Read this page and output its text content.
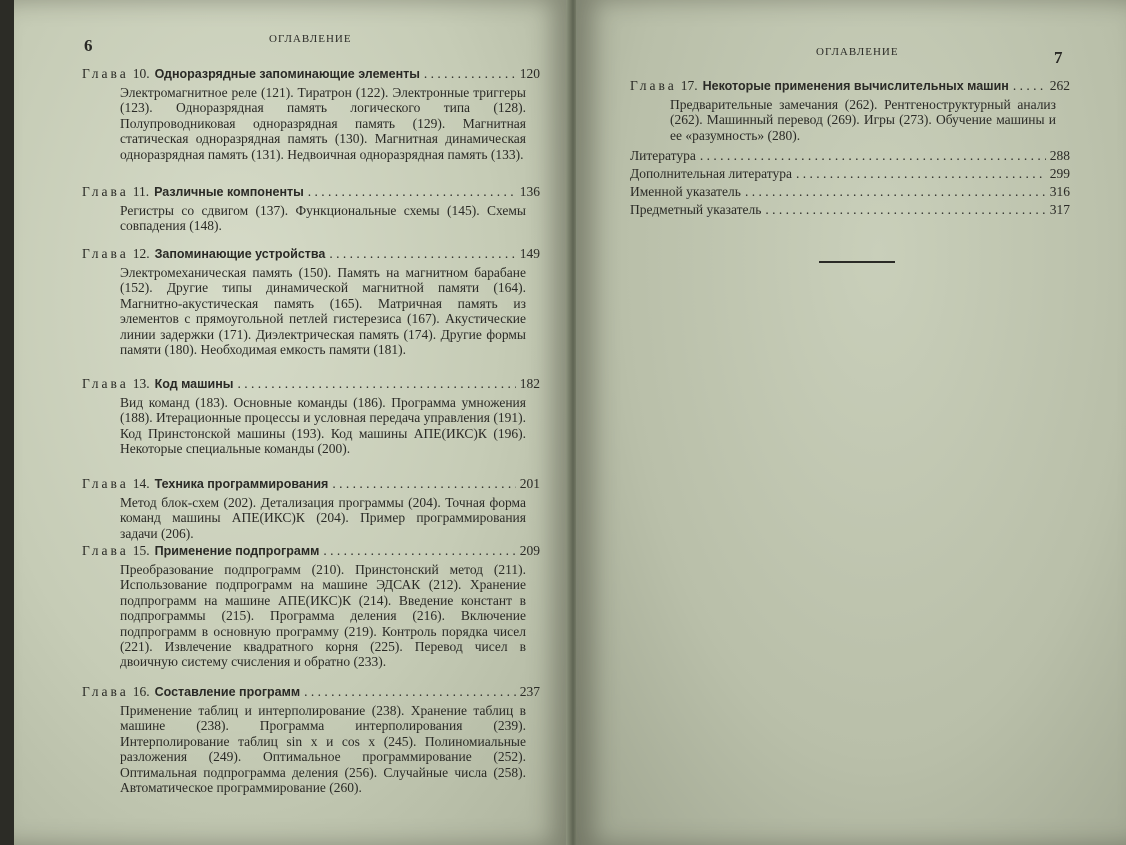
6	ОГЛАВЛЕНИЕ
Глава 10. Одноразрядные запоминающие элементы . . .	120
Электромагнитное реле (121). Тиратрон (122). Электронные триггеры (123). Одноразрядная память логического типа (128). Полупроводниковая одноразрядная память (129). Магнитная статическая одноразрядная память (130). Магнитная динамическая одноразрядная память (131). Недвоичная одноразрядная память (133).
Глава 11. Различные компоненты . . .	136
Регистры со сдвигом (137). Функциональные схемы (145). Схемы совпадения (148).
Глава 12. Запоминающие устройства . . .	149
Электромеханическая память (150). Память на магнитном барабане (152). Другие типы динамической магнитной памяти (164). Магнитно-акустическая память (165). Матричная память из элементов с прямоугольной петлей гистерезиса (167). Акустические линии задержки (171). Диэлектрическая память (174). Другие формы памяти (180). Необходимая емкость памяти (181).
Глава 13. Код машины . . .	182
Вид команд (183). Основные команды (186). Программа умножения (188). Итерационные процессы и условная передача управления (191). Код Принстонской машины (193). Код машины АПЕ(ИКС)К (196). Некоторые специальные команды (200).
Глава 14. Техника программирования . . .	201
Метод блок-схем (202). Детализация программы (204). Точная форма команд машины АПЕ(ИКС)К (204). Пример программирования задачи (206).
Глава 15. Применение подпрограмм . . .	209
Преобразование подпрограмм (210). Принстонский метод (211). Использование подпрограмм на машине ЭДСАК (212). Хранение подпрограмм на машине АПЕ(ИКС)К (214). Введение констант в подпрограммы (215). Программа деления (216). Включение подпрограмм в основную программу (219). Контроль порядка чисел (221). Извлечение квадратного корня (225). Перевод чисел в двоичную систему счисления и обратно (233).
Глава 16. Составление программ . . .	237
Применение таблиц и интерполирование (238). Хранение таблиц в машине (238). Программа интерполирования (239). Интерполирование таблиц sin x и cos x (245). Полиномиальные разложения (249). Оптимальное программирование (252). Оптимальная подпрограмма деления (256). Случайные числа (258). Автоматическое программирование (260).
ОГЛАВЛЕНИЕ	7
Глава 17. Некоторые применения вычислительных машин . . .	262
Предварительные замечания (262). Рентгеноструктурный анализ (262). Машинный перевод (269). Игры (273). Обучение машины и ее «разумность» (280).
Литература . . .	288
Дополнительная литература . . .	299
Именной указатель . . .	316
Предметный указатель . . .	317
